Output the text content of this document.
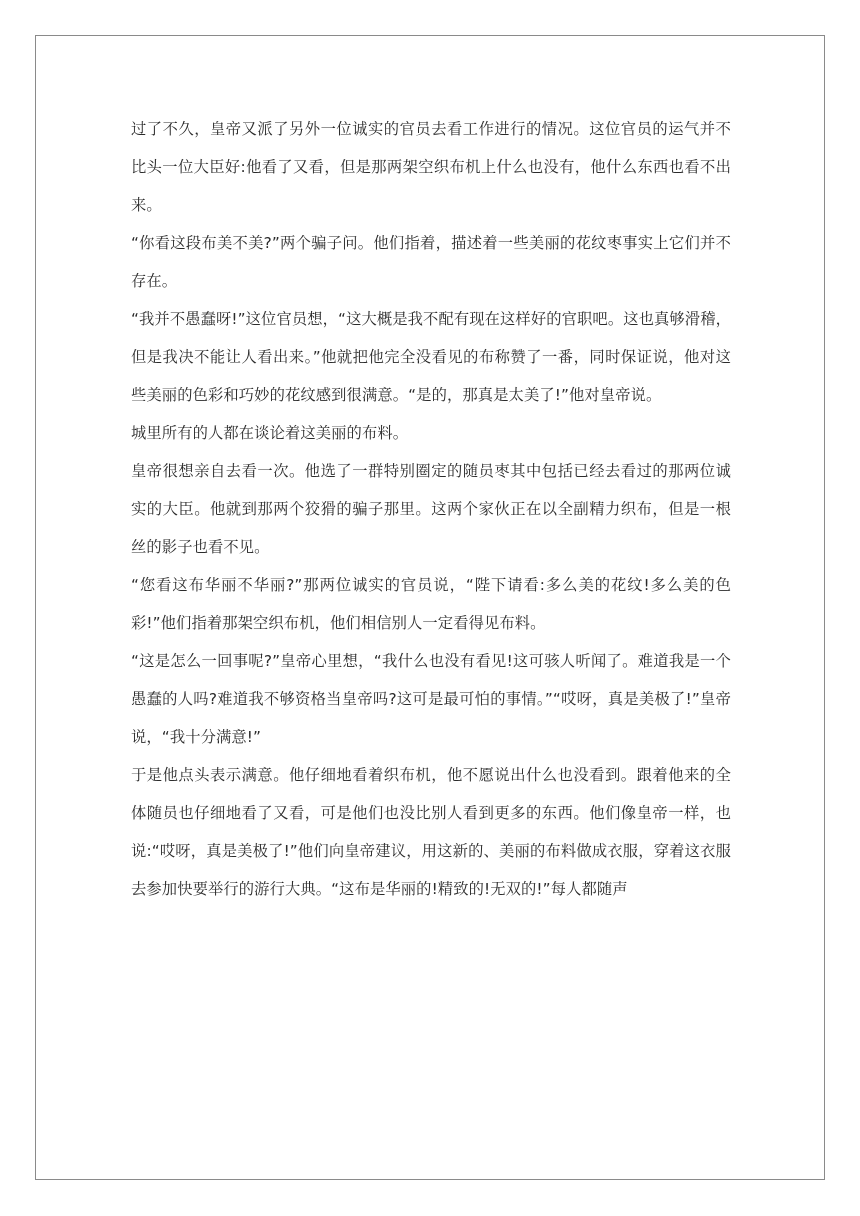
过了不久，皇帝又派了另外一位诚实的官员去看工作进行的情况。这位官员的运气并不比头一位大臣好:他看了又看，但是那两架空织布机上什么也没有，他什么东西也看不出来。

“你看这段布美不美?”两个骗子问。他们指着，描述着一些美丽的花纹枣事实上它们并不存在。

“我并不愚蠢呀!”这位官员想，“这大概是我不配有现在这样好的官职吧。这也真够滑稽，但是我决不能让人看出来。”他就把他完全没看见的布称赞了一番，同时保证说，他对这些美丽的色彩和巧妙的花纹感到很满意。“是的，那真是太美了!”他对皇帝说。

城里所有的人都在谈论着这美丽的布料。

皇帝很想亲自去看一次。他选了一群特别圈定的随员枣其中包括已经去看过的那两位诚实的大臣。他就到那两个狡猾的骗子那里。这两个家伙正在以全副精力织布，但是一根丝的影子也看不见。

“您看这布华丽不华丽?”那两位诚实的官员说，“陛下请看:多么美的花纹!多么美的色彩!”他们指着那架空织布机，他们相信别人一定看得见布料。

“这是怎么一回事呢?”皇帝心里想，“我什么也没有看见!这可骇人听闻了。难道我是一个愚蠢的人吗?难道我不够资格当皇帝吗?这可是最可怕的事情。”“哎呀，真是美极了!”皇帝说，“我十分满意!”

于是他点头表示满意。他仔细地看着织布机，他不愿说出什么也没看到。跟着他来的全体随员也仔细地看了又看，可是他们也没比别人看到更多的东西。他们像皇帝一样，也说:“哎呀，真是美极了!”他们向皇帝建议，用这新的、美丽的布料做成衣服，穿着这衣服去参加快要举行的游行大典。“这布是华丽的!精致的!无双的!”每人都随声
